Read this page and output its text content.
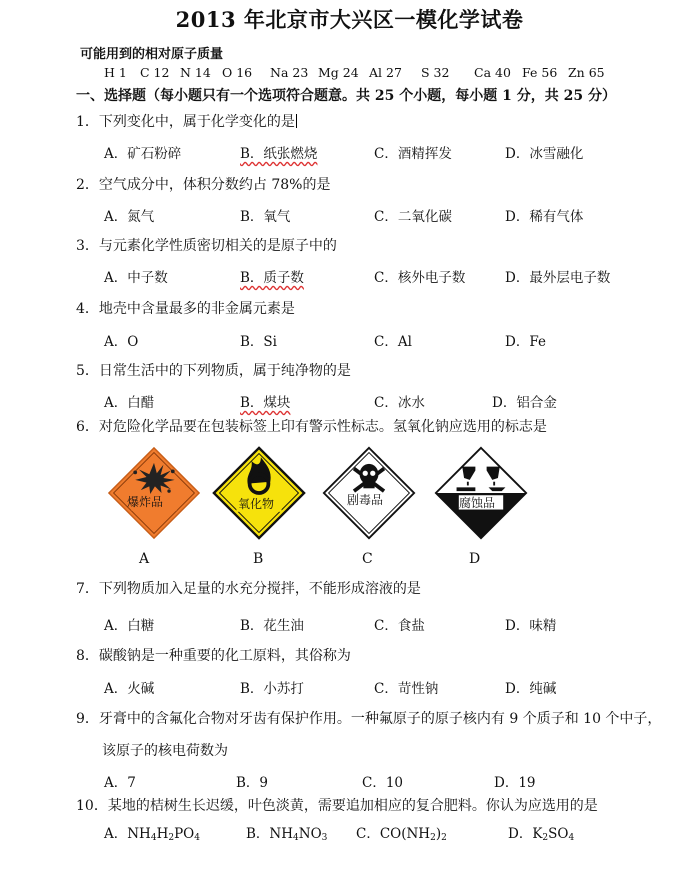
2013 年北京市大兴区一模化学试卷
可能用到的相对原子质量
H 1 C 12 N 14 O 16 Na 23 Mg 24 Al 27 S 32 Ca 40 Fe 56 Zn 65
一、选择题（每小题只有一个选项符合题意。共 25 个小题，每小题 1 分，共 25 分）
1．下列变化中，属于化学变化的是
A．矿石粉碎	B．纸张燃烧	C．酒精挥发	D．冰雪融化
2．空气成分中，体积分数约占 78%的是
A．氮气	B．氧气	C．二氧化碳	D．稀有气体
3．与元素化学性质密切相关的是原子中的
A．中子数	B．质子数	C．核外电子数	D．最外层电子数
4．地壳中含量最多的非金属元素是
A．O	B．Si	C．Al	D．Fe
5．日常生活中的下列物质，属于纯净物的是
A．白醋	B．煤块	C．冰水	D．铝合金
6．对危险化学品要在包装标签上印有警示性标志。氢氧化钠应选用的标志是
爆炸品	氧化物	剧毒品	腐蚀品
A	B	C	D
7．下列物质加入足量的水充分搅拌，不能形成溶液的是
A．白糖	B．花生油	C．食盐	D．味精
8．碳酸钠是一种重要的化工原料，其俗称为
A．火碱	B．小苏打	C．苛性钠	D．纯碱
9．牙膏中的含氟化合物对牙齿有保护作用。一种氟原子的原子核内有 9 个质子和 10 个中子，
该原子的核电荷数为
A．7	B．9	C．10	D．19
10．某地的桔树生长迟缓，叶色淡黄，需要追加相应的复合肥料。你认为应选用的是
A．$NH_4H_2PO_4$	B．$NH_4NO_3$ C．$CO(NH_2)_2$	D．$K_2SO_4$
